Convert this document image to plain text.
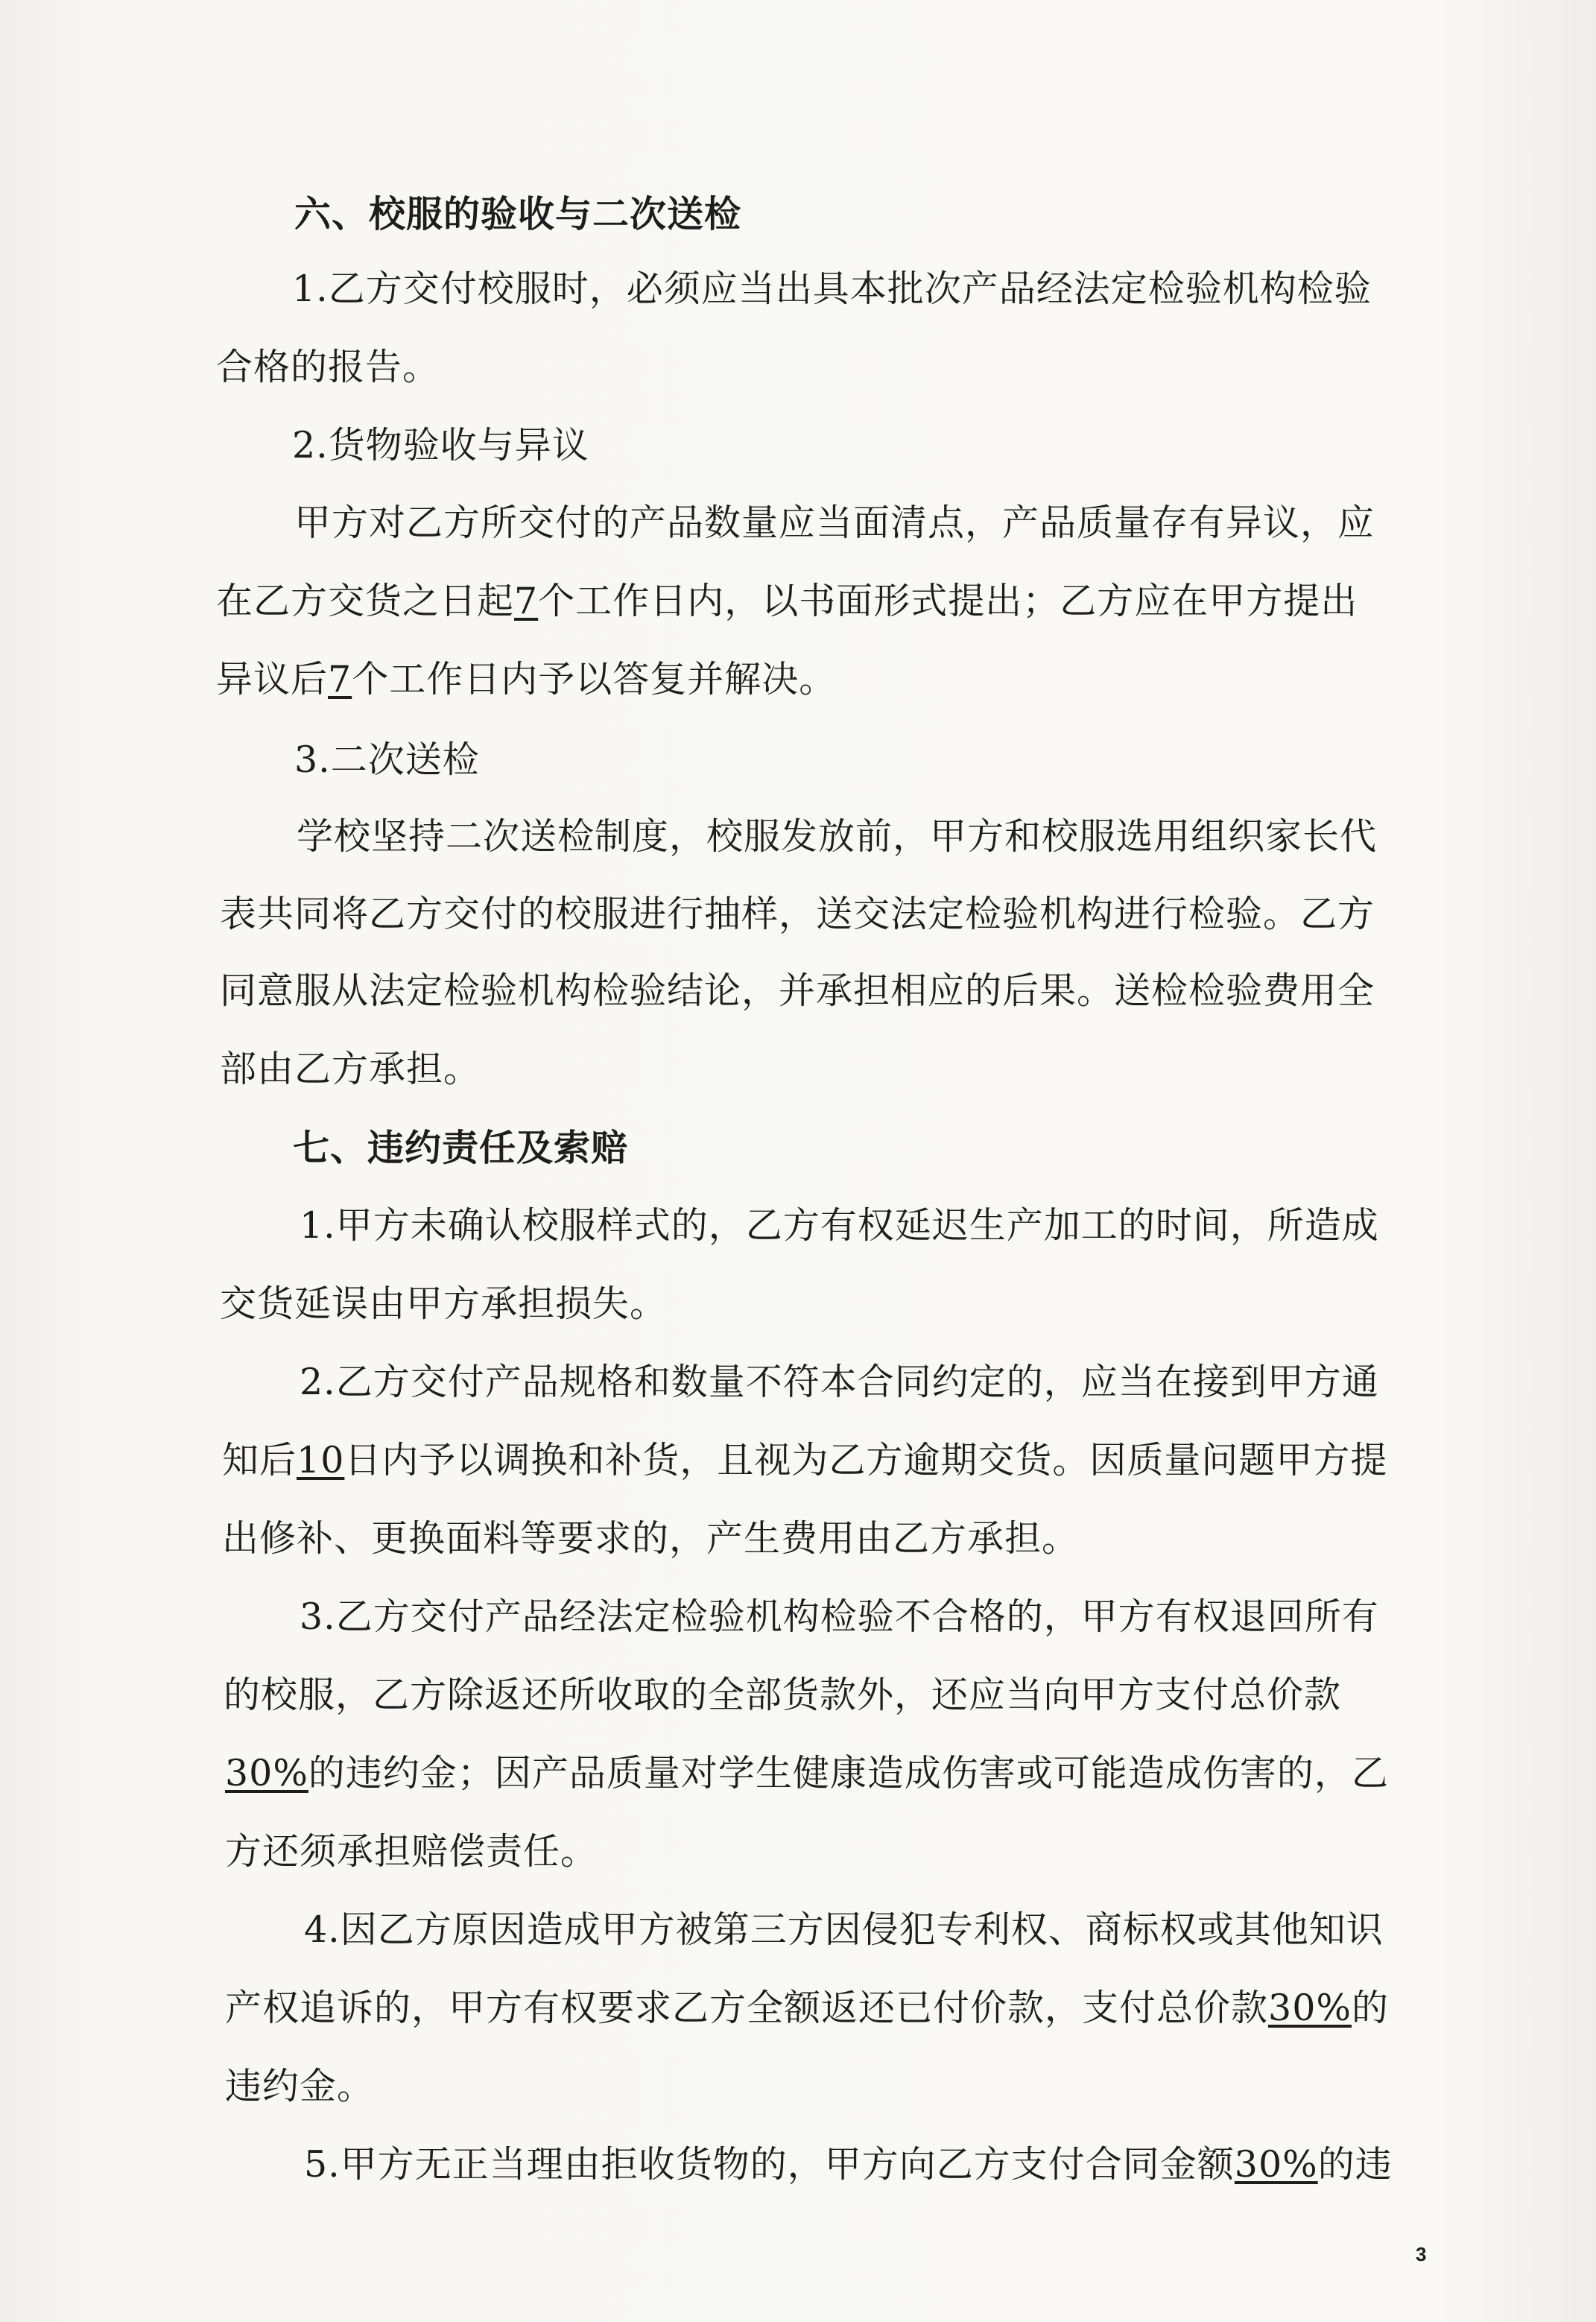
六、校服的验收与二次送检
1.乙方交付校服时，必须应当出具本批次产品经法定检验机构检验
合格的报告。
2.货物验收与异议
甲方对乙方所交付的产品数量应当面清点，产品质量存有异议，应
在乙方交货之日起7个工作日内，以书面形式提出；乙方应在甲方提出
异议后7个工作日内予以答复并解决。
3.二次送检
学校坚持二次送检制度，校服发放前，甲方和校服选用组织家长代
表共同将乙方交付的校服进行抽样，送交法定检验机构进行检验。乙方
同意服从法定检验机构检验结论，并承担相应的后果。送检检验费用全
部由乙方承担。
七、违约责任及索赔
1.甲方未确认校服样式的，乙方有权延迟生产加工的时间，所造成
交货延误由甲方承担损失。
2.乙方交付产品规格和数量不符本合同约定的，应当在接到甲方通
知后10日内予以调换和补货，且视为乙方逾期交货。因质量问题甲方提
出修补、更换面料等要求的，产生费用由乙方承担。
3.乙方交付产品经法定检验机构检验不合格的，甲方有权退回所有
的校服，乙方除返还所收取的全部货款外，还应当向甲方支付总价款
30%的违约金；因产品质量对学生健康造成伤害或可能造成伤害的，乙
方还须承担赔偿责任。
4.因乙方原因造成甲方被第三方因侵犯专利权、商标权或其他知识
产权追诉的，甲方有权要求乙方全额返还已付价款，支付总价款30%的
违约金。
5.甲方无正当理由拒收货物的，甲方向乙方支付合同金额30%的违
3
